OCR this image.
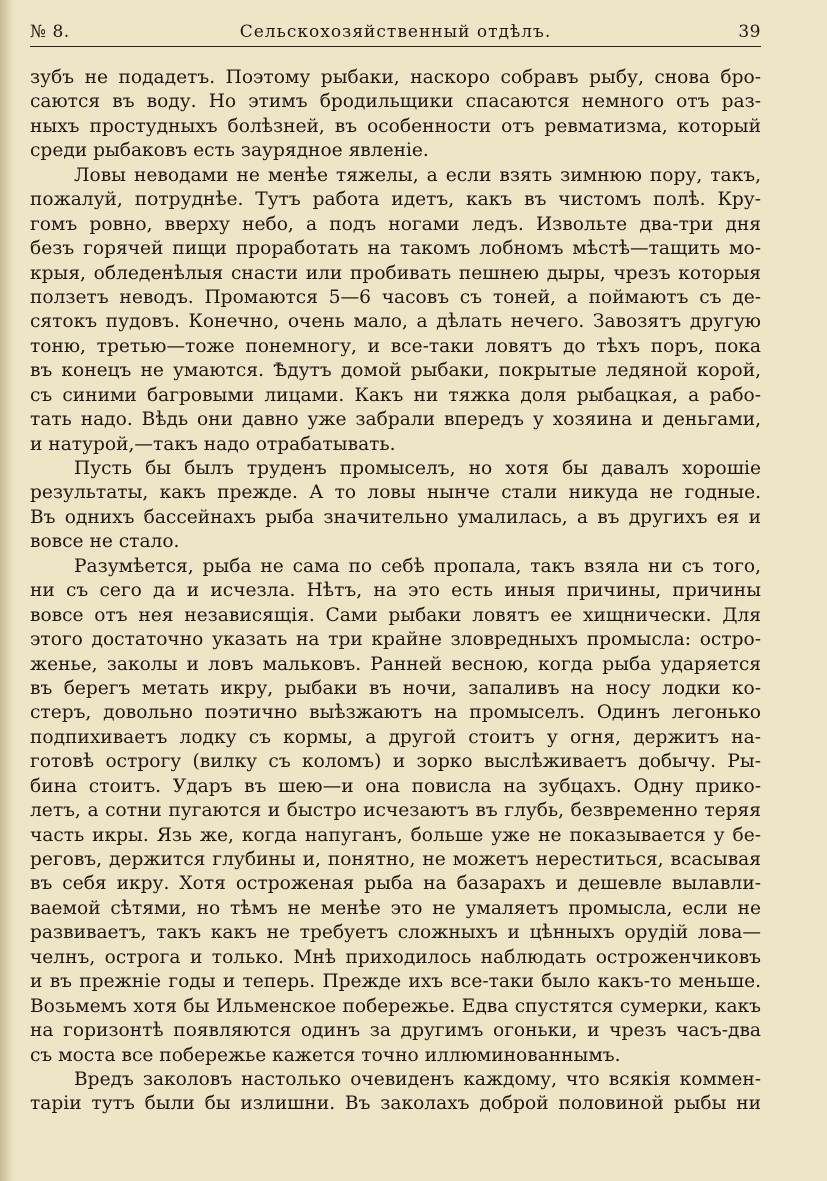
№ 8.	Сельскохозяйственный отдѣлъ.	39
зубъ не подадетъ. Поэтому рыбаки, наскоро собравъ рыбу, снова бро-
саются въ воду. Но этимъ бродильщики спасаются немного отъ раз-
ныхъ простудныхъ болѣзней, въ особенности отъ ревматизма, который
среди рыбаковъ есть заурядное явленіе.
Ловы неводами не менѣе тяжелы, а если взять зимнюю пору, такъ,
пожалуй, потруднѣе. Тутъ работа идетъ, какъ въ чистомъ полѣ. Кру-
гомъ ровно, вверху небо, а подъ ногами ледъ. Извольте два-три дня
безъ горячей пищи проработать на такомъ лобномъ мѣстѣ—тащить мо-
крыя, обледенѣлыя снасти или пробивать пешнею дыры, чрезъ которыя
ползетъ неводъ. Промаются 5—6 часовъ съ тоней, а поймаютъ съ де-
сятокъ пудовъ. Конечно, очень мало, а дѣлать нечего. Завозятъ другую
тоню, третью—тоже понемногу, и все-таки ловятъ до тѣхъ поръ, пока
въ конецъ не умаются. Ѣдутъ домой рыбаки, покрытые ледяной корой,
съ синими багровыми лицами. Какъ ни тяжка доля рыбацкая, а рабо-
тать надо. Вѣдь они давно уже забрали впередъ у хозяина и деньгами,
и натурой,—такъ надо отрабатывать.
Пусть бы былъ труденъ промыселъ, но хотя бы давалъ хорошіе
результаты, какъ прежде. А то ловы нынче стали никуда не годные.
Въ однихъ бассейнахъ рыба значительно умалилась, а въ другихъ ея и
вовсе не стало.
Разумѣется, рыба не сама по себѣ пропала, такъ взяла ни съ того,
ни съ сего да и исчезла. Нѣтъ, на это есть иныя причины, причины
вовсе отъ нея независящія. Сами рыбаки ловятъ ее хищнически. Для
этого достаточно указать на три крайне зловредныхъ промысла: остро-
женье, заколы и ловъ мальковъ. Ранней весною, когда рыба ударяется
въ берегъ метать икру, рыбаки въ ночи, запаливъ на носу лодки ко-
стеръ, довольно поэтично выѣзжаютъ на промыселъ. Одинъ легонько
подпихиваетъ лодку съ кормы, а другой стоитъ у огня, держитъ на-
готовѣ острогу (вилку съ коломъ) и зорко выслѣживаетъ добычу. Ры-
бина стоитъ. Ударъ въ шею—и она повисла на зубцахъ. Одну прико-
летъ, а сотни пугаются и быстро исчезаютъ въ глубь, безвременно теряя
часть икры. Язь же, когда напуганъ, больше уже не показывается у бе-
реговъ, держится глубины и, понятно, не можетъ нереститься, всасывая
въ себя икру. Хотя остроженая рыба на базарахъ и дешевле вылавли-
ваемой сѣтями, но тѣмъ не менѣе это не умаляетъ промысла, если не
развиваетъ, такъ какъ не требуетъ сложныхъ и цѣнныхъ орудій лова—
челнъ, острога и только. Мнѣ приходилось наблюдать остроженчиковъ
и въ прежніе годы и теперь. Прежде ихъ все-таки было какъ-то меньше.
Возьмемъ хотя бы Ильменское побережье. Едва спустятся сумерки, какъ
на горизонтѣ появляются одинъ за другимъ огоньки, и чрезъ часъ-два
съ моста все побережье кажется точно иллюминованнымъ.
Вредъ заколовъ настолько очевиденъ каждому, что всякія коммен-
таріи тутъ были бы излишни. Въ заколахъ доброй половиной рыбы ни
